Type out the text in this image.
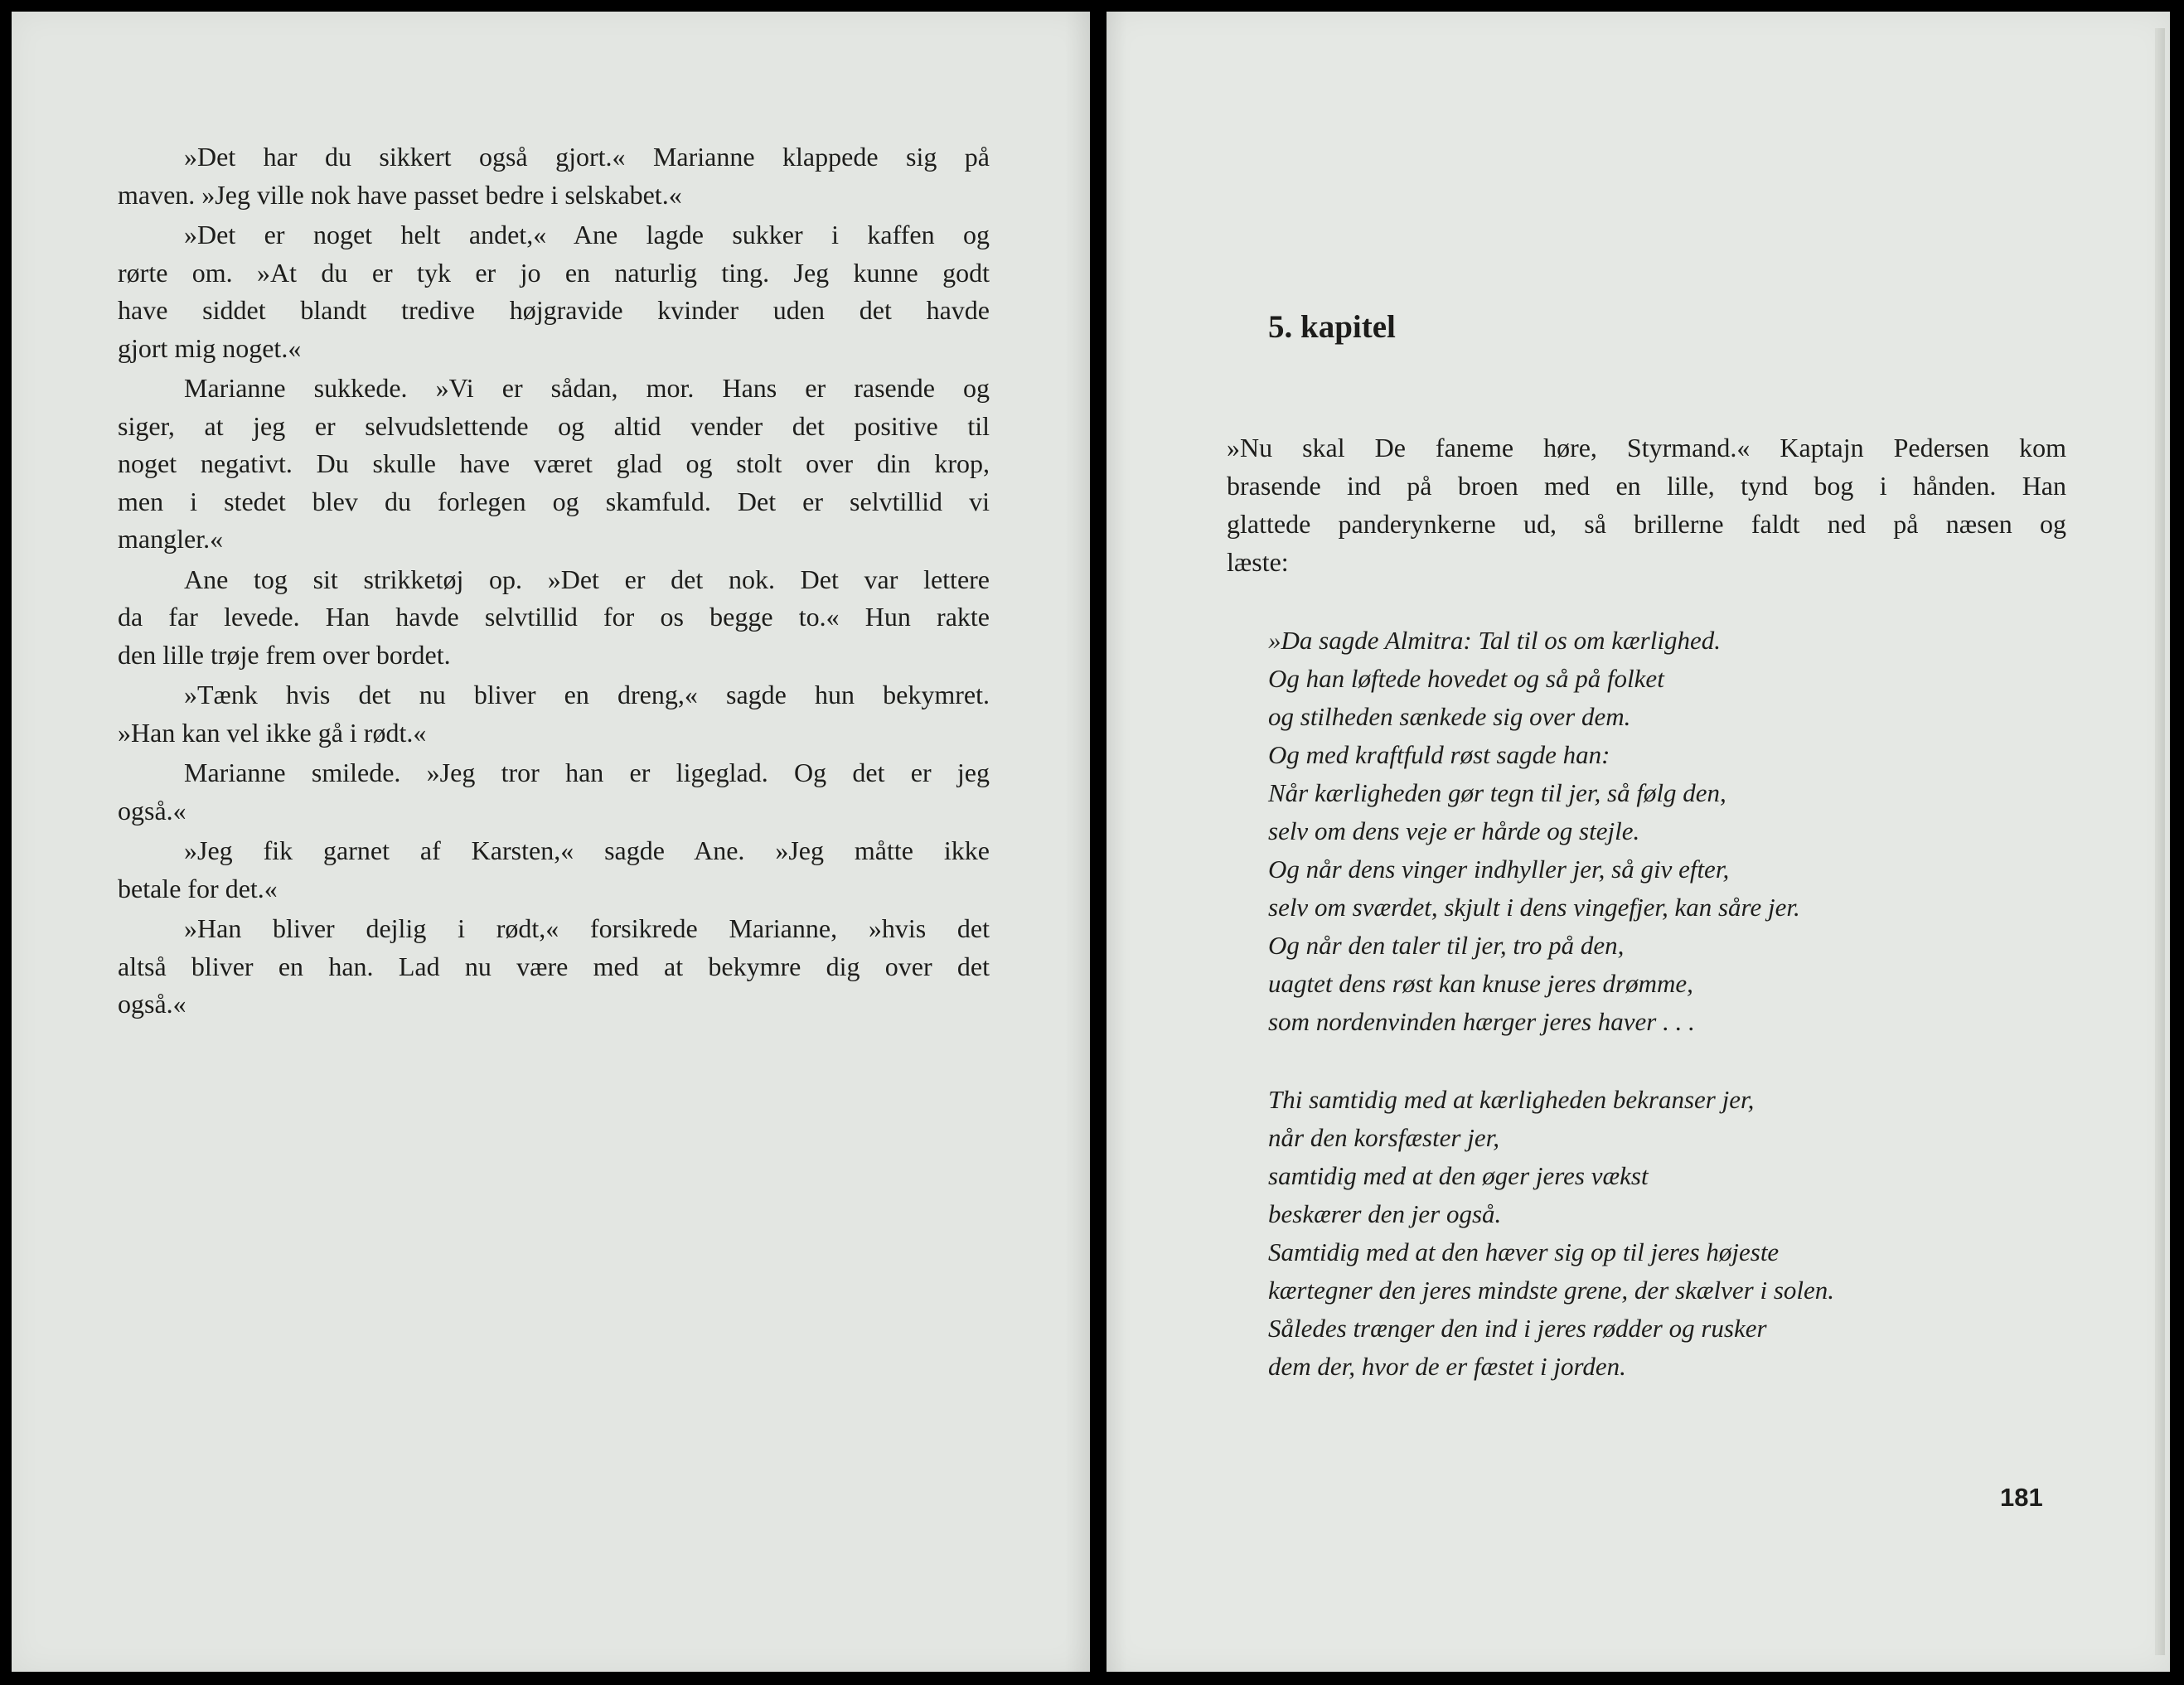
»Det har du sikkert også gjort.« Marianne klappede sig på
maven. »Jeg ville nok have passet bedre i selskabet.«
»Det er noget helt andet,« Ane lagde sukker i kaffen og
rørte om. »At du er tyk er jo en naturlig ting. Jeg kunne godt
have siddet blandt tredive højgravide kvinder uden det havde
gjort mig noget.«
Marianne sukkede. »Vi er sådan, mor. Hans er rasende og
siger, at jeg er selvudslettende og altid vender det positive til
noget negativt. Du skulle have været glad og stolt over din krop,
men i stedet blev du forlegen og skamfuld. Det er selvtillid vi
mangler.«
Ane tog sit strikketøj op. »Det er det nok. Det var lettere
da far levede. Han havde selvtillid for os begge to.« Hun rakte
den lille trøje frem over bordet.
»Tænk hvis det nu bliver en dreng,« sagde hun bekymret.
»Han kan vel ikke gå i rødt.«
Marianne smilede. »Jeg tror han er ligeglad. Og det er jeg
også.«
»Jeg fik garnet af Karsten,« sagde Ane. »Jeg måtte ikke
betale for det.«
»Han bliver dejlig i rødt,« forsikrede Marianne, »hvis det
altså bliver en han. Lad nu være med at bekymre dig over det
også.«
5. kapitel
»Nu skal De faneme høre, Styrmand.« Kaptajn Pedersen kom
brasende ind på broen med en lille, tynd bog i hånden. Han
glattede panderynkerne ud, så brillerne faldt ned på næsen og
læste:
»Da sagde Almitra: Tal til os om kærlighed.
Og han løftede hovedet og så på folket
og stilheden sænkede sig over dem.
Og med kraftfuld røst sagde han:
Når kærligheden gør tegn til jer, så følg den,
selv om dens veje er hårde og stejle.
Og når dens vinger indhyller jer, så giv efter,
selv om sværdet, skjult i dens vingefjer, kan såre jer.
Og når den taler til jer, tro på den,
uagtet dens røst kan knuse jeres drømme,
som nordenvinden hærger jeres haver . . .
Thi samtidig med at kærligheden bekranser jer,
når den korsfæster jer,
samtidig med at den øger jeres vækst
beskærer den jer også.
Samtidig med at den hæver sig op til jeres højeste
kærtegner den jeres mindste grene, der skælver i solen.
Således trænger den ind i jeres rødder og rusker
dem der, hvor de er fæstet i jorden.

181
